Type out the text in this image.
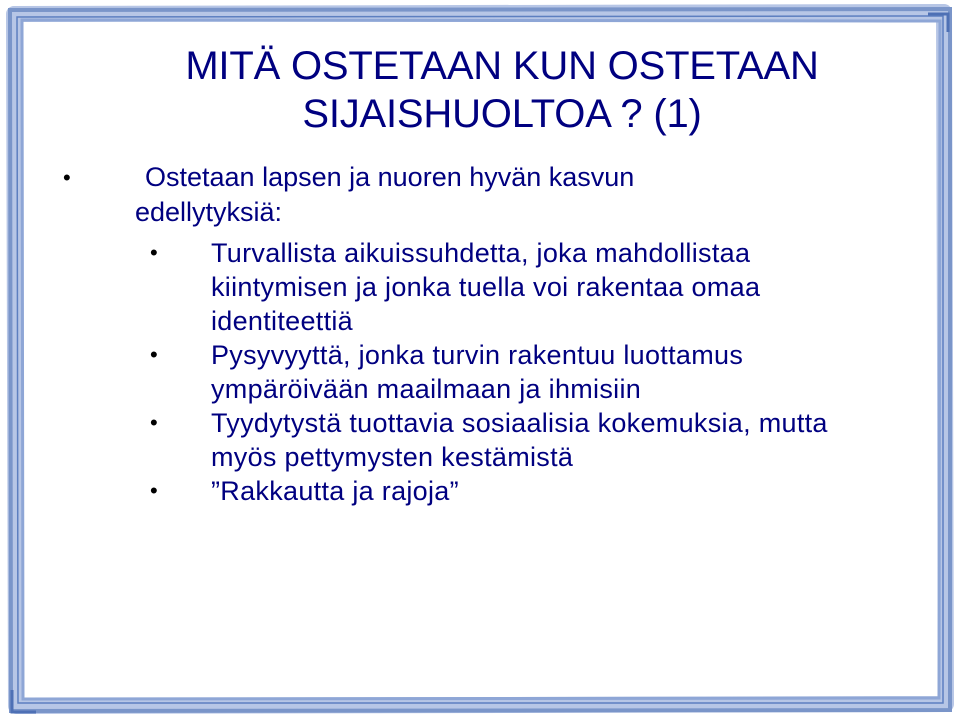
MITÄ OSTETAAN KUN OSTETAAN
SIJAISHUOLTOA ? (1)
•	Ostetaan lapsen ja nuoren hyvän kasvun
edellytyksiä:
• Turvallista aikuissuhdetta, joka mahdollistaa kiintymisen ja jonka tuella voi rakentaa omaa identiteettiä
• Pysyvyyttä, jonka turvin rakentuu luottamus ympäröivään maailmaan ja ihmisiin
• Tyydytystä tuottavia sosiaalisia kokemuksia, mutta myös pettymysten kestämistä
• ”Rakkautta ja rajoja”
